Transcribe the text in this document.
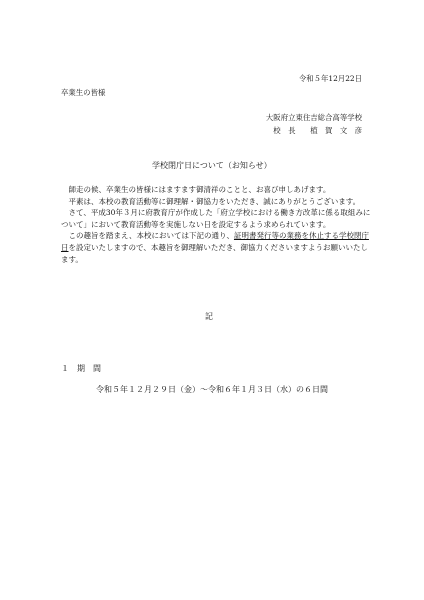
令和５年12月22日
卒業生の皆様
大阪府立東住吉総合高等学校
校　長　　植　賀　文　彦
学校閉庁日について（お知らせ）

師走の候、卒業生の皆様にはますます御清祥のことと、お喜び申しあげます。

平素は、本校の教育活動等に御理解・御協力をいただき、誠にありがとうございます。

さて、平成30年３月に府教育庁が作成した「府立学校における働き方改革に係る取組みについて」において教育活動等を実施しない日を設定するよう求められています。

この趣旨を踏まえ、本校においては下記の通り、証明書発行等の業務を休止する学校閉庁日を設定いたしますので、本趣旨を御理解いただき、御協力くださいますようお願いいたします。

記
１　期　間
令和５年１２月２９日（金）～令和６年１月３日（水）の６日間
